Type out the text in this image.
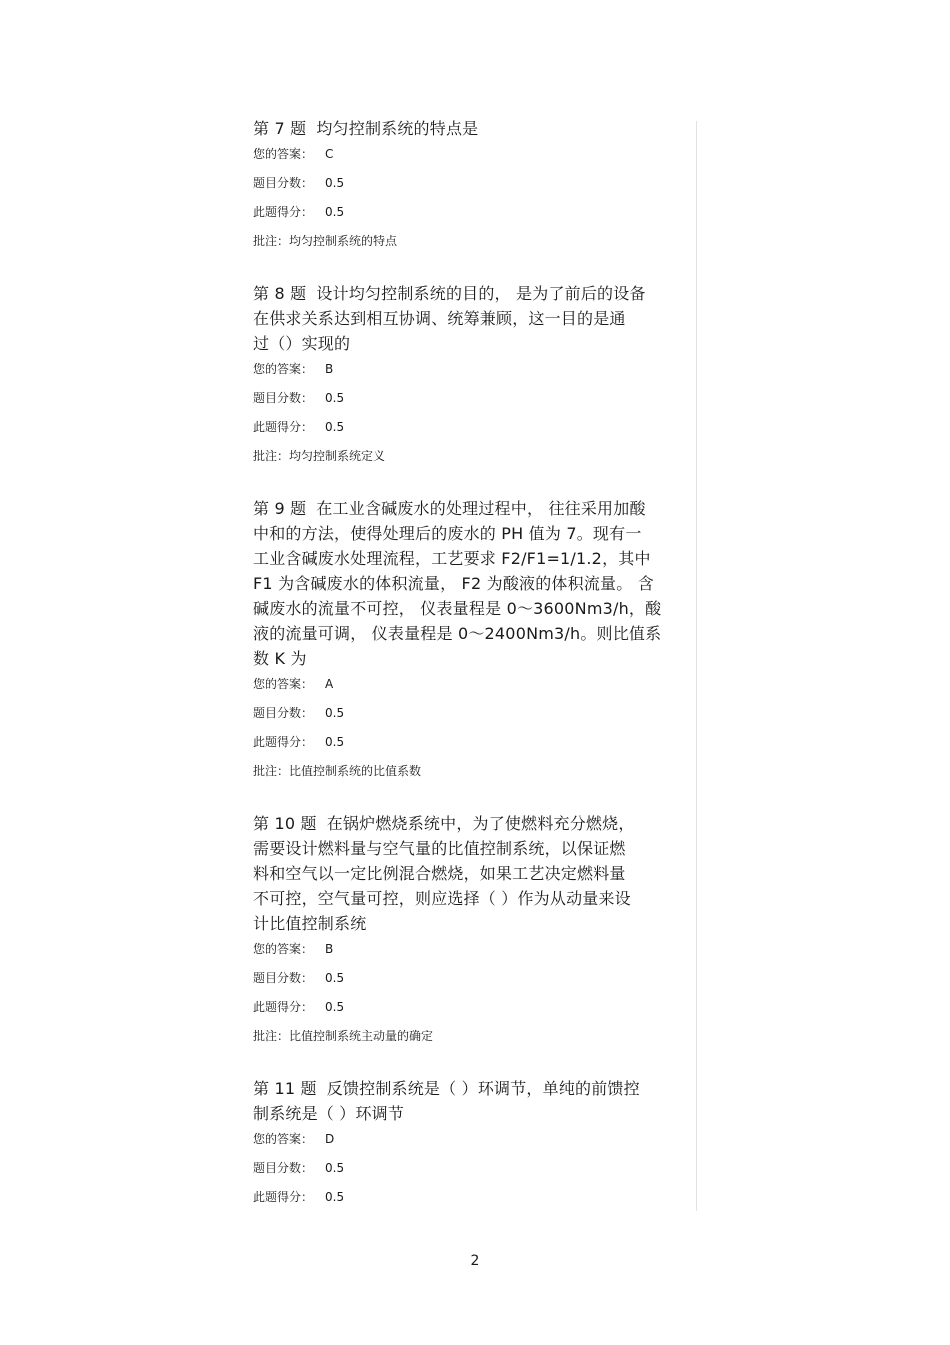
第 7 题 均匀控制系统的特点是
您的答案： C
题目分数： 0.5
此题得分： 0.5
批注：均匀控制系统的特点
第 8 题 设计均匀控制系统的目的， 是为了前后的设备
在供求关系达到相互协调、统筹兼顾，这一目的是通
过（）实现的
您的答案： B
题目分数： 0.5
此题得分： 0.5
批注：均匀控制系统定义
第 9 题 在工业含碱废水的处理过程中， 往往采用加酸
中和的方法，使得处理后的废水的 PH 值为 7。现有一
工业含碱废水处理流程，工艺要求 F2/F1=1/1.2，其中
F1 为含碱废水的体积流量， F2 为酸液的体积流量。 含
碱废水的流量不可控， 仪表量程是 0～3600Nm3/h，酸
液的流量可调， 仪表量程是 0～2400Nm3/h。则比值系
数 K 为
您的答案： A
题目分数： 0.5
此题得分： 0.5
批注：比值控制系统的比值系数
第 10 题 在锅炉燃烧系统中，为了使燃料充分燃烧，
需要设计燃料量与空气量的比值控制系统，以保证燃
料和空气以一定比例混合燃烧，如果工艺决定燃料量
不可控，空气量可控，则应选择（ ）作为从动量来设
计比值控制系统
您的答案： B
题目分数： 0.5
此题得分： 0.5
批注：比值控制系统主动量的确定
第 11 题 反馈控制系统是（ ）环调节，单纯的前馈控
制系统是（ ）环调节
您的答案： D
题目分数： 0.5
此题得分： 0.5
2
